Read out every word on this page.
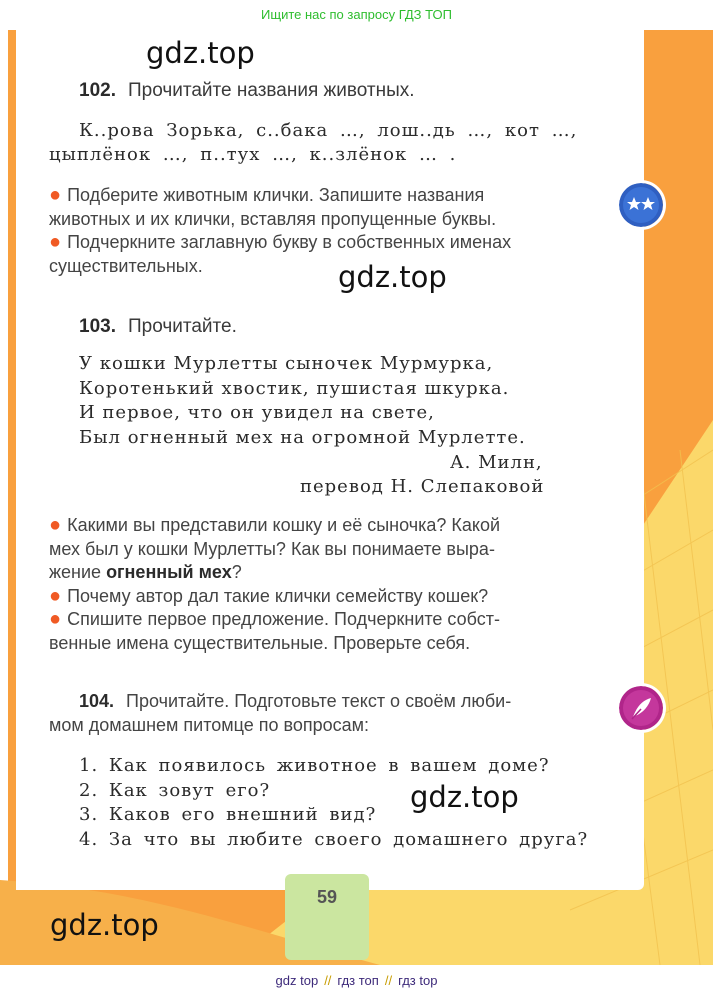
Ищите нас по запросу ГДЗ ТОП
gdz.top
gdz.top
gdz.top
gdz.top
102. Прочитайте названия животных.
К..рова Зорька, с..бака …, лош..дь …, кот …,
цыплёнок …, п..тух …, к..злёнок … .
● Подберите животным клички. Запишите названия
животных и их клички, вставляя пропущенные буквы.
● Подчеркните заглавную букву в собственных именах
существительных.
103. Прочитайте.
У кошки Мурлетты сыночек Мурмурка,
Коротенький хвостик, пушистая шкурка.
И первое, что он увидел на свете,
Был огненный мех на огромной Мурлетте.
А. Милн,
перевод Н. Слепаковой
● Какими вы представили кошку и её сыночка? Какой
мех был у кошки Мурлетты? Как вы понимаете выра-
жение огненный мех?
● Почему автор дал такие клички семейству кошек?
● Спишите первое предложение. Подчеркните собст-
венные имена существительные. Проверьте себя.
104. Прочитайте. Подготовьте текст о своём люби-
мом домашнем питомце по вопросам:
1. Как появилось животное в вашем доме?
2. Как зовут его?
3. Каков его внешний вид?
4. За что вы любите своего домашнего друга?
59
gdz top // гдз топ // гдз top
